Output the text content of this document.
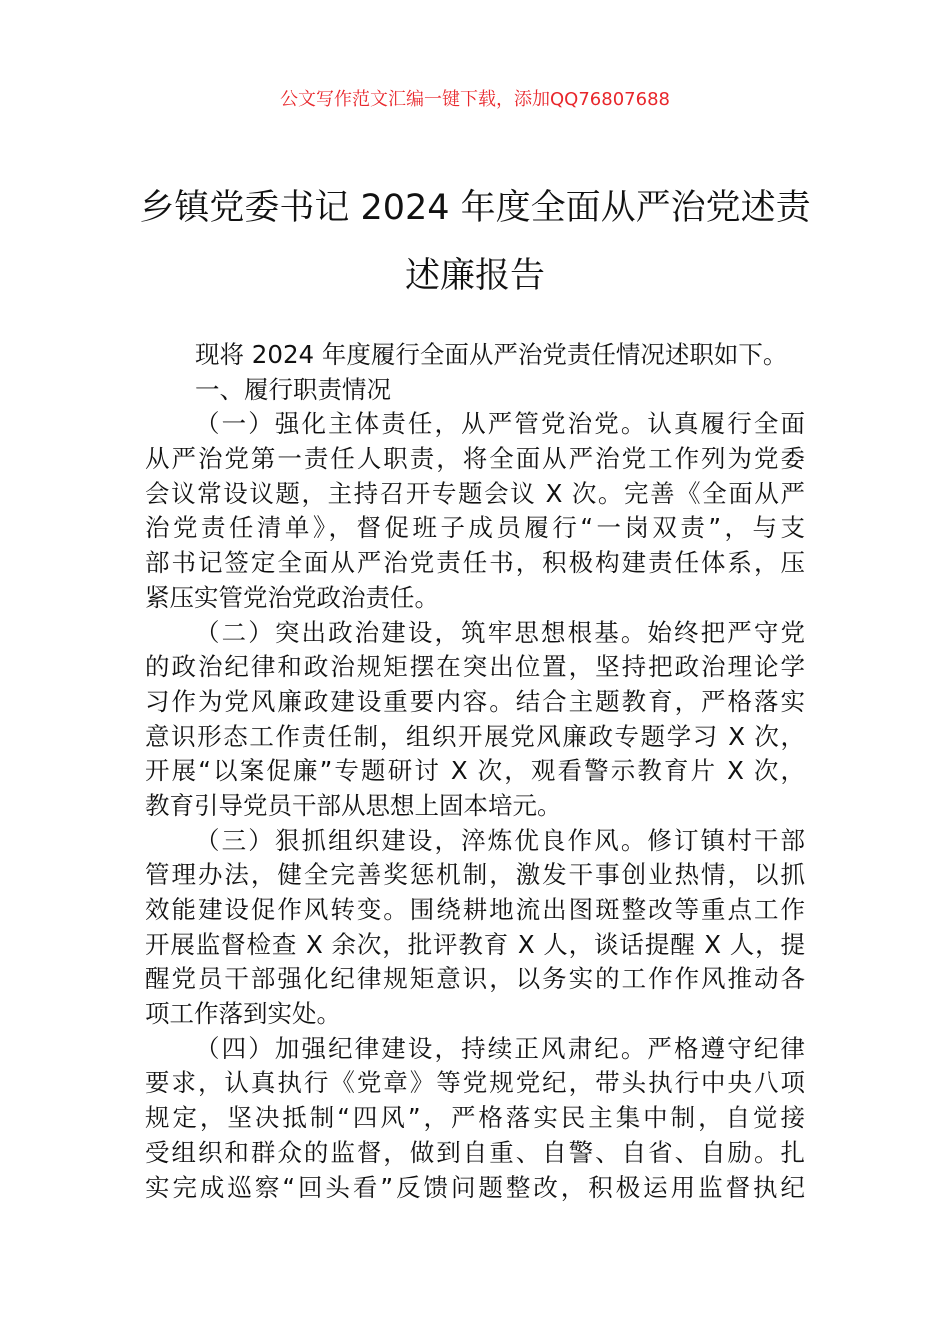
公文写作范文汇编一键下载，添加QQ76807688
乡镇党委书记 2024 年度全面从严治党述责
述廉报告
现将 2024 年度履行全面从严治党责任情况述职如下。
一、履行职责情况
（一）强化主体责任，从严管党治党。认真履行全面
从严治党第一责任人职责，将全面从严治党工作列为党委
会议常设议题，主持召开专题会议 X 次。完善《全面从严
治党责任清单》，督促班子成员履行“一岗双责”，与支
部书记签定全面从严治党责任书，积极构建责任体系，压
紧压实管党治党政治责任。
（二）突出政治建设，筑牢思想根基。始终把严守党
的政治纪律和政治规矩摆在突出位置，坚持把政治理论学
习作为党风廉政建设重要内容。结合主题教育，严格落实
意识形态工作责任制，组织开展党风廉政专题学习 X 次，
开展“以案促廉”专题研讨 X 次，观看警示教育片 X 次，
教育引导党员干部从思想上固本培元。
（三）狠抓组织建设，淬炼优良作风。修订镇村干部
管理办法，健全完善奖惩机制，激发干事创业热情，以抓
效能建设促作风转变。围绕耕地流出图斑整改等重点工作
开展监督检查 X 余次，批评教育 X 人，谈话提醒 X 人，提
醒党员干部强化纪律规矩意识，以务实的工作作风推动各
项工作落到实处。
（四）加强纪律建设，持续正风肃纪。严格遵守纪律
要求，认真执行《党章》等党规党纪，带头执行中央八项
规定，坚决抵制“四风”，严格落实民主集中制，自觉接
受组织和群众的监督，做到自重、自警、自省、自励。扎
实完成巡察“回头看”反馈问题整改，积极运用监督执纪
